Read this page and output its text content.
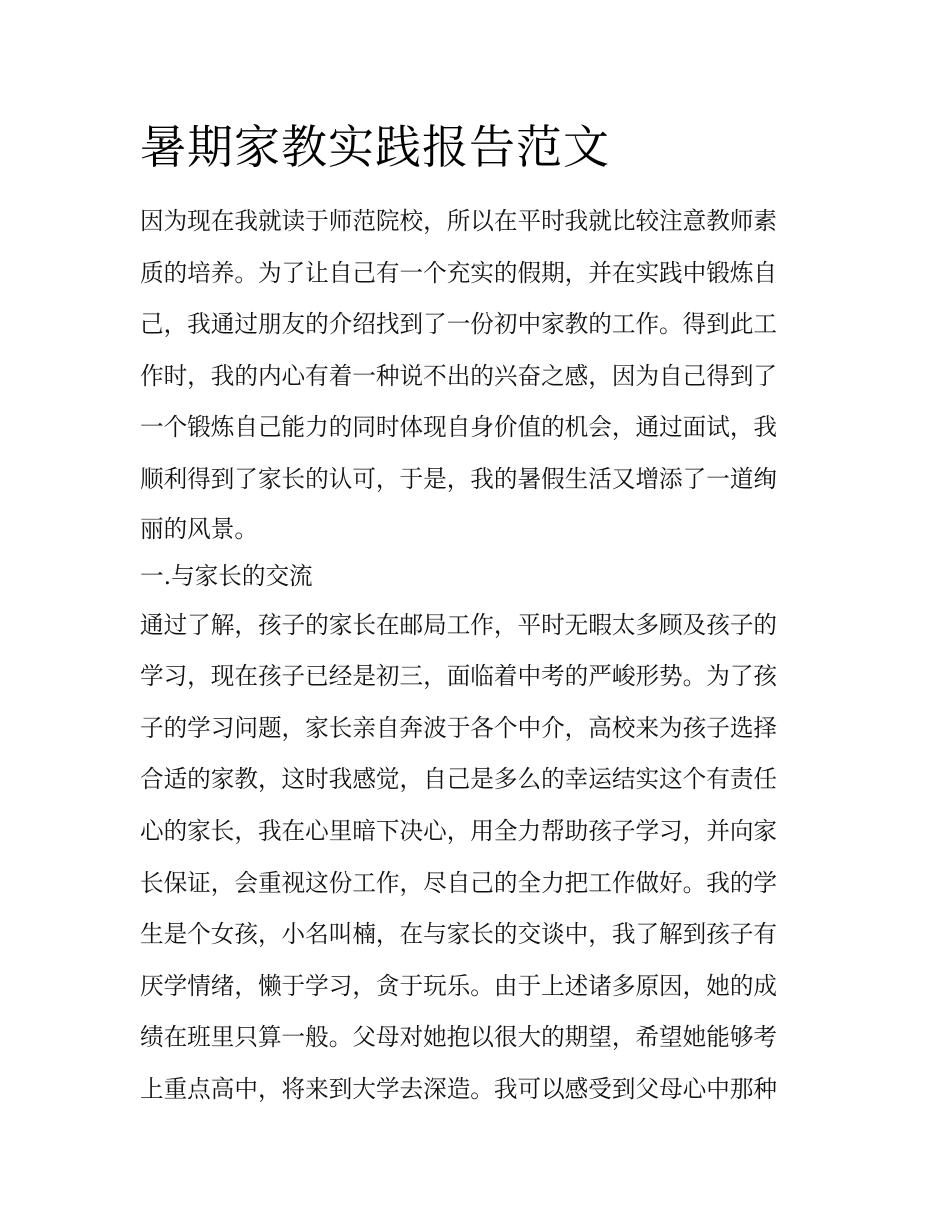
暑期家教实践报告范文
因为现在我就读于师范院校，所以在平时我就比较注意教师素
质的培养。为了让自己有一个充实的假期，并在实践中锻炼自
己，我通过朋友的介绍找到了一份初中家教的工作。得到此工
作时，我的内心有着一种说不出的兴奋之感，因为自己得到了
一个锻炼自己能力的同时体现自身价值的机会，通过面试，我
顺利得到了家长的认可，于是，我的暑假生活又增添了一道绚
丽的风景。
一.与家长的交流
通过了解，孩子的家长在邮局工作，平时无暇太多顾及孩子的
学习，现在孩子已经是初三，面临着中考的严峻形势。为了孩
子的学习问题，家长亲自奔波于各个中介，高校来为孩子选择
合适的家教，这时我感觉，自己是多么的幸运结实这个有责任
心的家长，我在心里暗下决心，用全力帮助孩子学习，并向家
长保证，会重视这份工作，尽自己的全力把工作做好。我的学
生是个女孩，小名叫楠，在与家长的交谈中，我了解到孩子有
厌学情绪，懒于学习，贪于玩乐。由于上述诸多原因，她的成
绩在班里只算一般。父母对她抱以很大的期望，希望她能够考
上重点高中，将来到大学去深造。我可以感受到父母心中那种
